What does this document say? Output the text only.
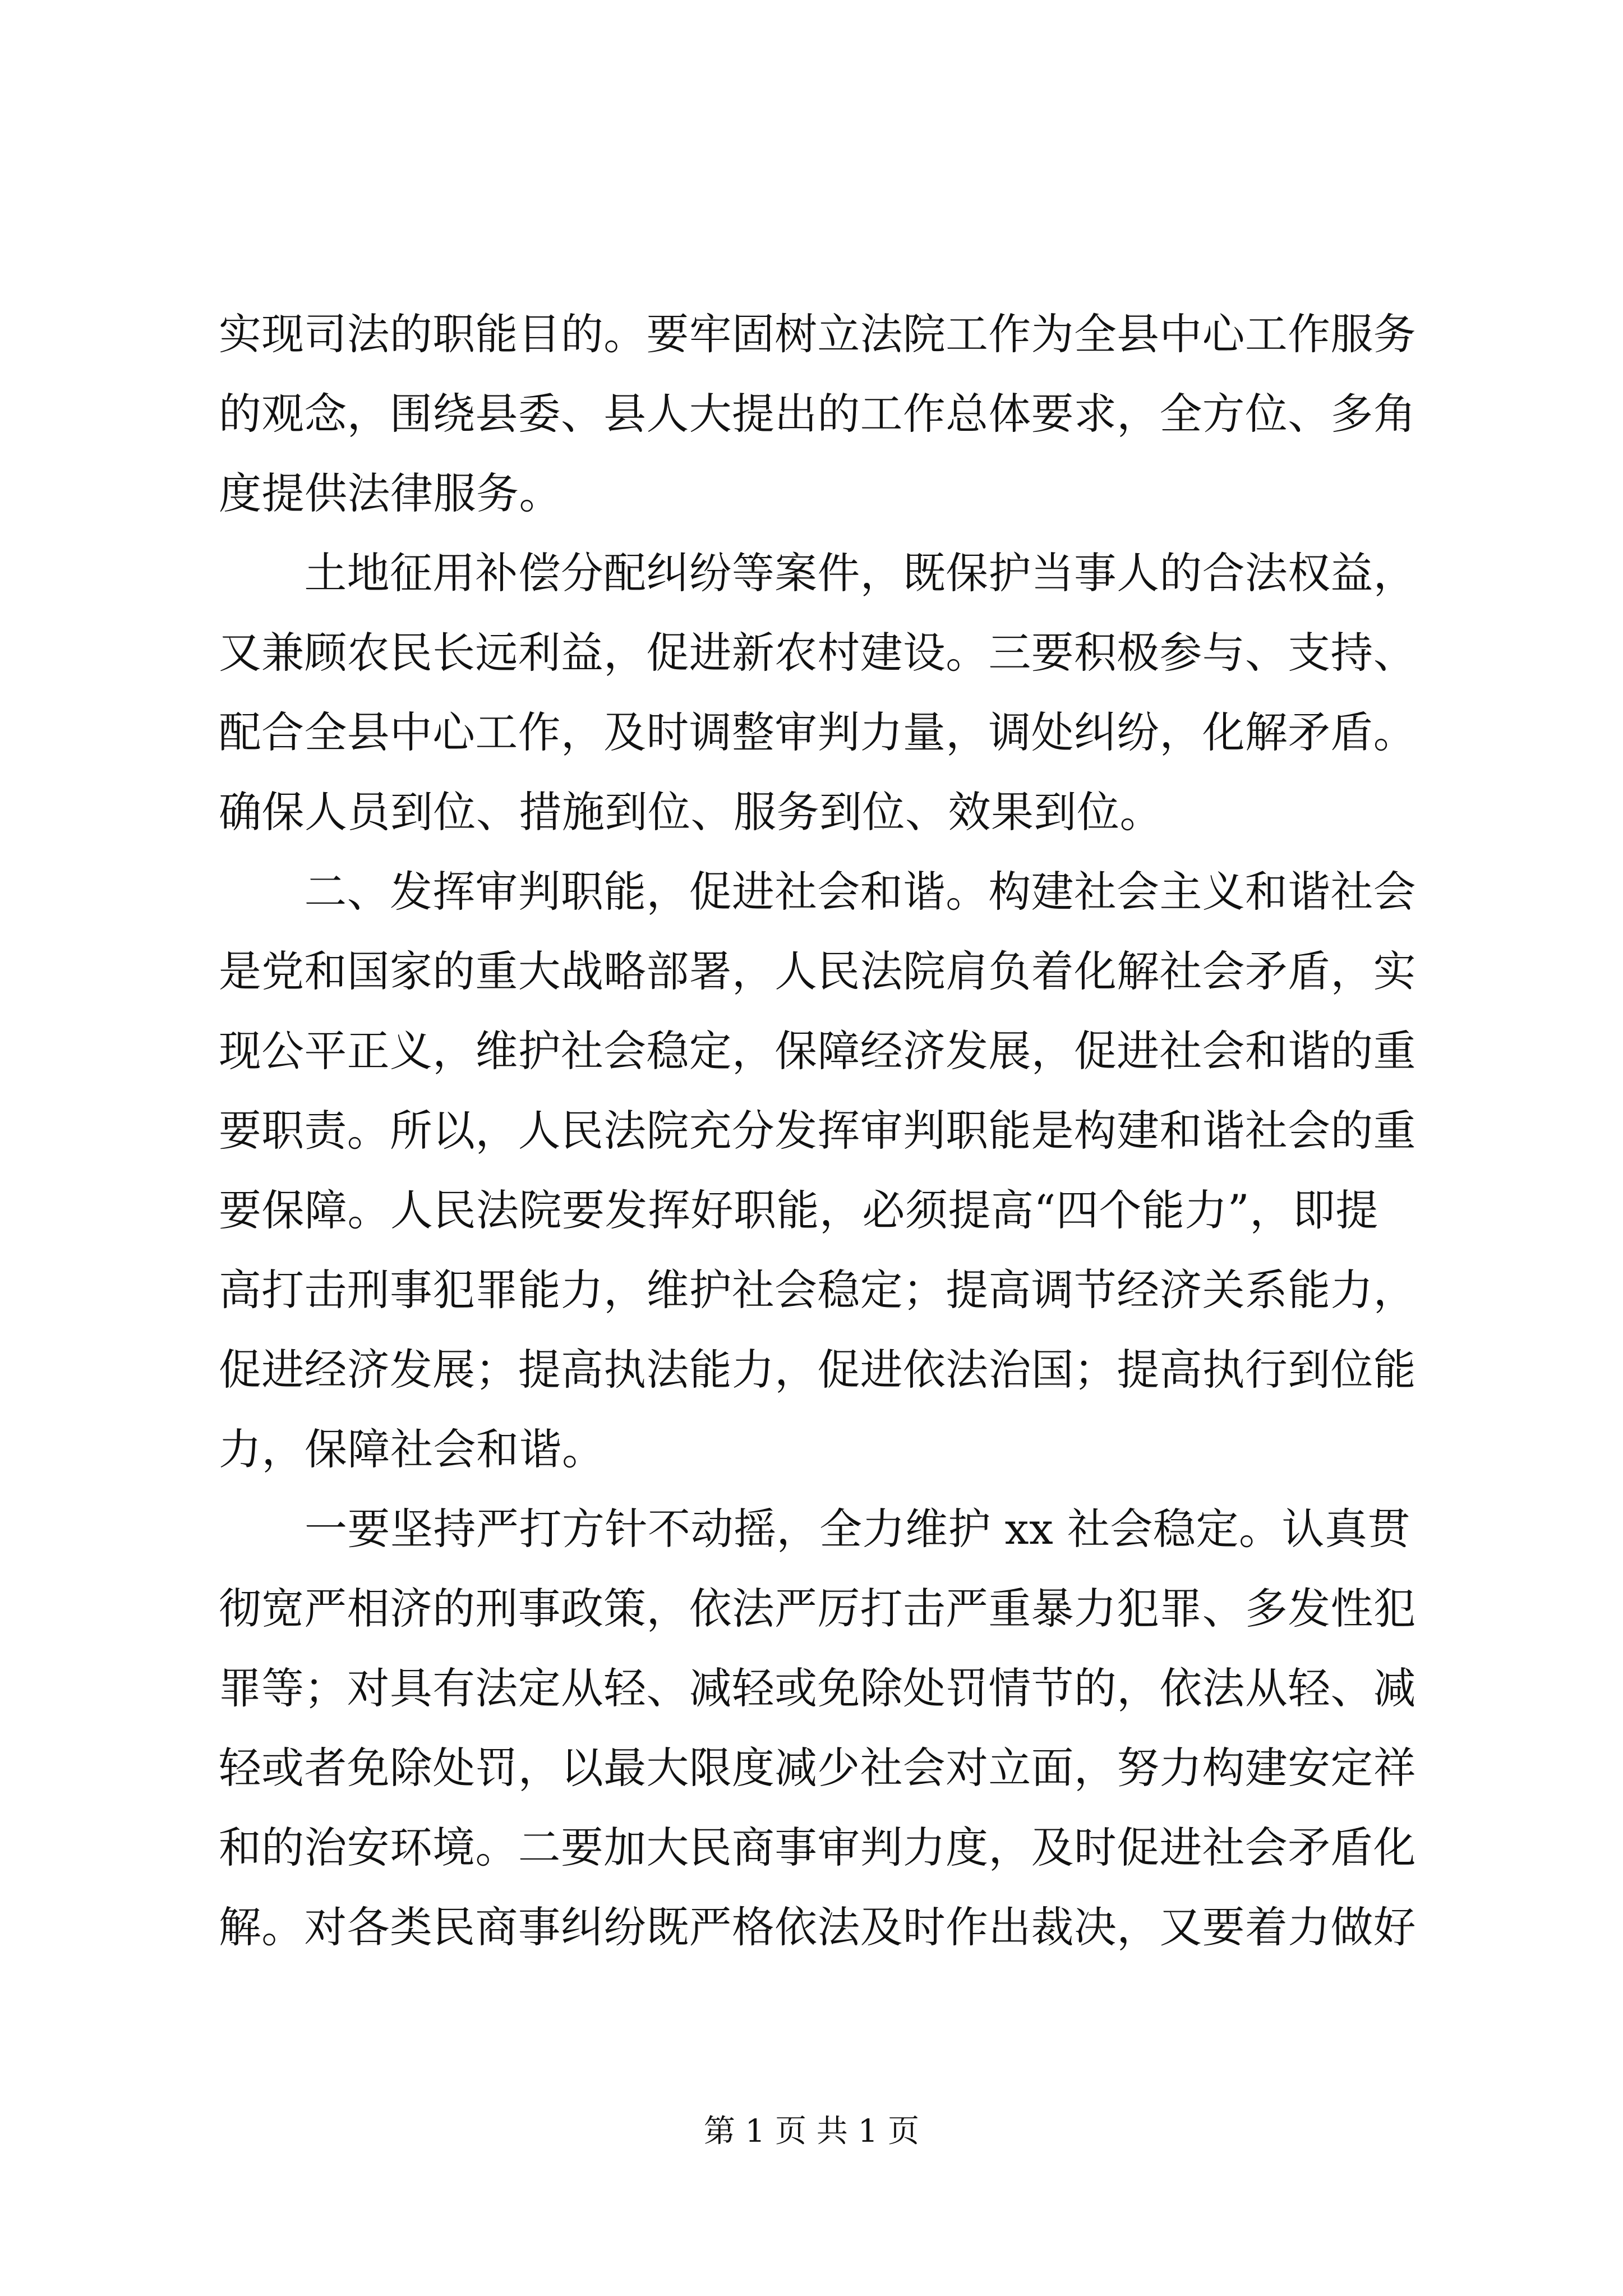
实现司法的职能目的。要牢固树立法院工作为全县中心工作服务
的观念，围绕县委、县人大提出的工作总体要求，全方位、多角
度提供法律服务。
　　土地征用补偿分配纠纷等案件，既保护当事人的合法权益，
又兼顾农民长远利益，促进新农村建设。三要积极参与、支持、
配合全县中心工作，及时调整审判力量，调处纠纷，化解矛盾。
确保人员到位、措施到位、服务到位、效果到位。
　　二、发挥审判职能，促进社会和谐。构建社会主义和谐社会
是党和国家的重大战略部署，人民法院肩负着化解社会矛盾，实
现公平正义，维护社会稳定，保障经济发展，促进社会和谐的重
要职责。所以，人民法院充分发挥审判职能是构建和谐社会的重
要保障。人民法院要发挥好职能，必须提高“四个能力”，即提
高打击刑事犯罪能力，维护社会稳定；提高调节经济关系能力，
促进经济发展；提高执法能力，促进依法治国；提高执行到位能
力，保障社会和谐。
　　一要坚持严打方针不动摇，全力维护 xx 社会稳定。认真贯
彻宽严相济的刑事政策，依法严厉打击严重暴力犯罪、多发性犯
罪等；对具有法定从轻、减轻或免除处罚情节的，依法从轻、减
轻或者免除处罚，以最大限度减少社会对立面，努力构建安定祥
和的治安环境。二要加大民商事审判力度，及时促进社会矛盾化
解。对各类民商事纠纷既严格依法及时作出裁决，又要着力做好
第 1 页 共 1 页
